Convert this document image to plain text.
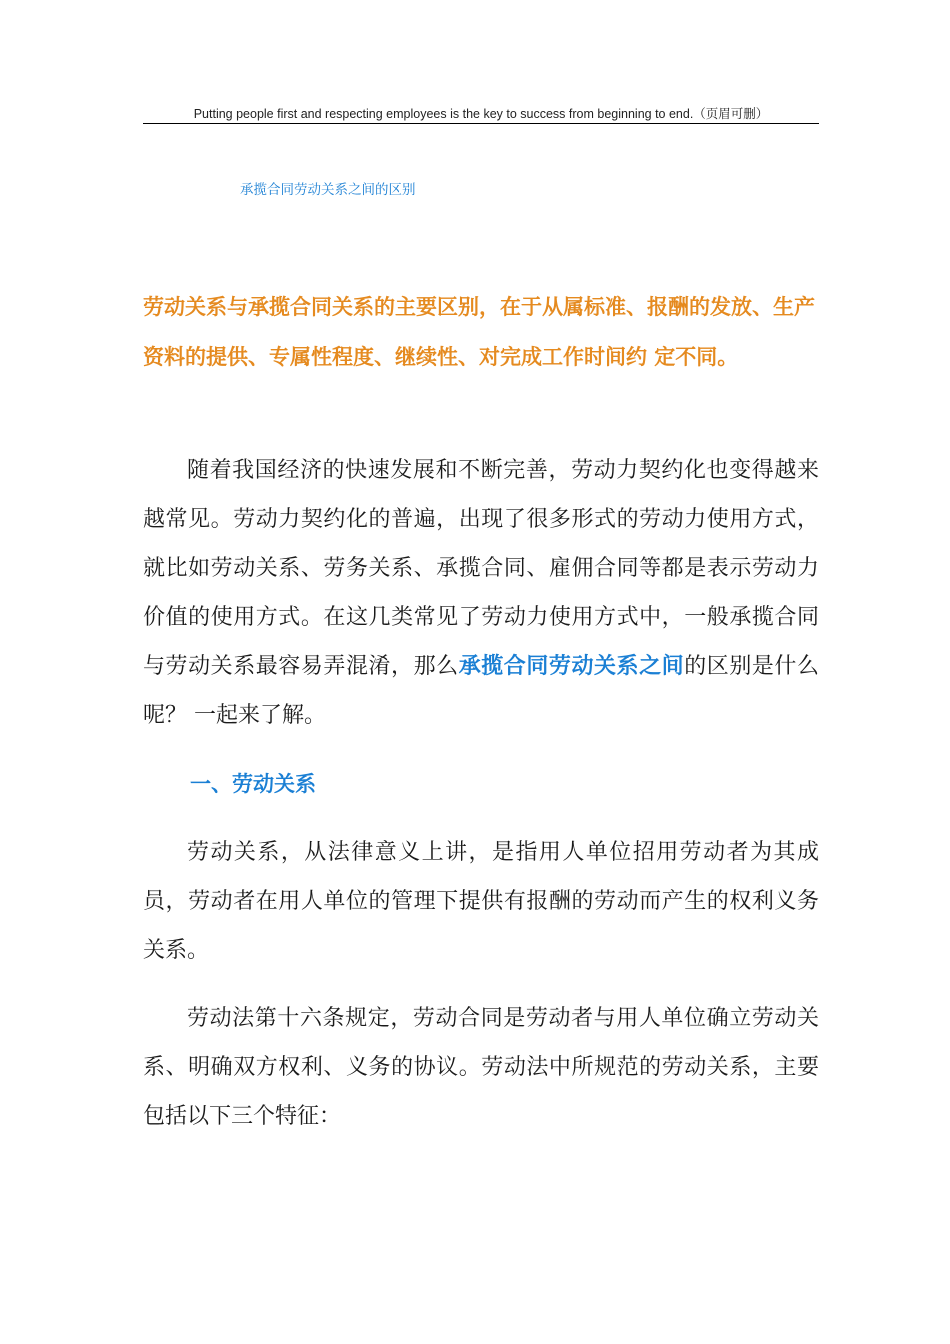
Putting people first and respecting employees is the key to success from beginning to end.（页眉可删）
承揽合同劳动关系之间的区别
劳动关系与承揽合同关系的主要区别，在于从属标准、报酬的发放、生产资料的提供、专属性程度、继续性、对完成工作时间约 定不同。

随着我国经济的快速发展和不断完善，劳动力契约化也变得越来越常见。劳动力契约化的普遍，出现了很多形式的劳动力使用方式，就比如劳动关系、劳务关系、承揽合同、雇佣合同等都是表示劳动力价值的使用方式。在这几类常见了劳动力使用方式中，一般承揽合同与劳动关系最容易弄混淆，那么承揽合同劳动关系之间的区别是什么呢？ 一起来了解。

一、劳动关系

劳动关系，从法律意义上讲，是指用人单位招用劳动者为其成员，劳动者在用人单位的管理下提供有报酬的劳动而产生的权利义务关系。

劳动法第十六条规定，劳动合同是劳动者与用人单位确立劳动关系、明确双方权利、义务的协议。劳动法中所规范的劳动关系，主要包括以下三个特征：
